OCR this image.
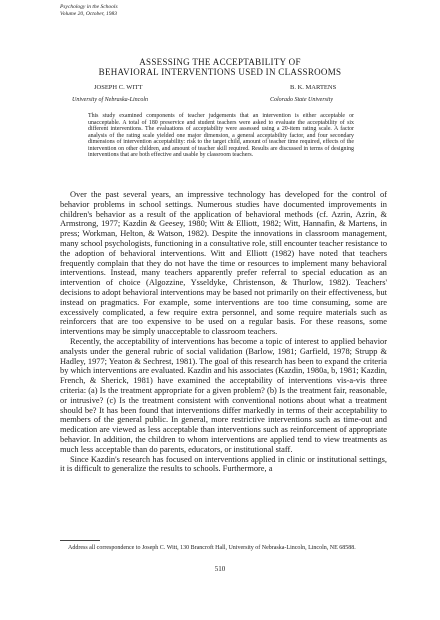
Psychology in the Schools
Volume 20, October, 1983
ASSESSING THE ACCEPTABILITY OF
BEHAVIORAL INTERVENTIONS USED IN CLASSROOMS
JOSEPH C. WITT
University of Nebraska-Lincoln
B. K. MARTENS
Colorado State University
This study examined components of teacher judgements that an intervention is either acceptable or unacceptable. A total of 180 preservice and student teachers were asked to evaluate the acceptability of six different interventions. The evaluations of acceptability were assessed using a 20-item rating scale. A factor analysis of the rating scale yielded one major dimension, a general acceptability factor, and four secondary dimensions of intervention acceptability: risk to the target child, amount of teacher time required, effects of the intervention on other children, and amount of teacher skill required. Results are discussed in terms of designing interventions that are both effective and usable by classroom teachers.

Over the past several years, an impressive technology has developed for the control of behavior problems in school settings. Numerous studies have documented improvements in children's behavior as a result of the application of behavioral methods (cf. Azrin, Azrin, & Armstrong, 1977; Kazdin & Geesey, 1980; Witt & Elliott, 1982; Witt, Hannafin, & Martens, in press; Workman, Helton, & Watson, 1982). Despite the innovations in classroom management, many school psychologists, functioning in a consultative role, still encounter teacher resistance to the adoption of behavioral interventions. Witt and Elliott (1982) have noted that teachers frequently complain that they do not have the time or resources to implement many behavioral interventions. Instead, many teachers apparently prefer referral to special education as an intervention of choice (Algozzine, Ysseldyke, Christenson, & Thurlow, 1982). Teachers' decisions to adopt behavioral interventions may be based not primarily on their effectiveness, but instead on pragmatics. For example, some interventions are too time consuming, some are excessively complicated, a few require extra personnel, and some require materials such as reinforcers that are too expensive to be used on a regular basis. For these reasons, some interventions may be simply unacceptable to classroom teachers.

Recently, the acceptability of interventions has become a topic of interest to applied behavior analysts under the general rubric of social validation (Barlow, 1981; Garfield, 1978; Strupp & Hadley, 1977; Yeaton & Sechrest, 1981). The goal of this research has been to expand the criteria by which interventions are evaluated. Kazdin and his associates (Kazdin, 1980a, b, 1981; Kazdin, French, & Sherick, 1981) have examined the acceptability of interventions vis-a-vis three criteria: (a) Is the treatment appropriate for a given problem? (b) Is the treatment fair, reasonable, or intrusive? (c) Is the treatment consistent with conventional notions about what a treatment should be? It has been found that interventions differ markedly in terms of their acceptability to members of the general public. In general, more restrictive interventions such as time-out and medication are viewed as less acceptable than interventions such as reinforcement of appropriate behavior. In addition, the children to whom interventions are applied tend to view treatments as much less acceptable than do parents, educators, or institutional staff.

Since Kazdin's research has focused on interventions applied in clinic or institutional settings, it is difficult to generalize the results to schools. Furthermore, a

Address all correspondence to Joseph C. Witt, 130 Brancroft Hall, University of Nebraska-Lincoln, Lincoln, NE 68588.
510
